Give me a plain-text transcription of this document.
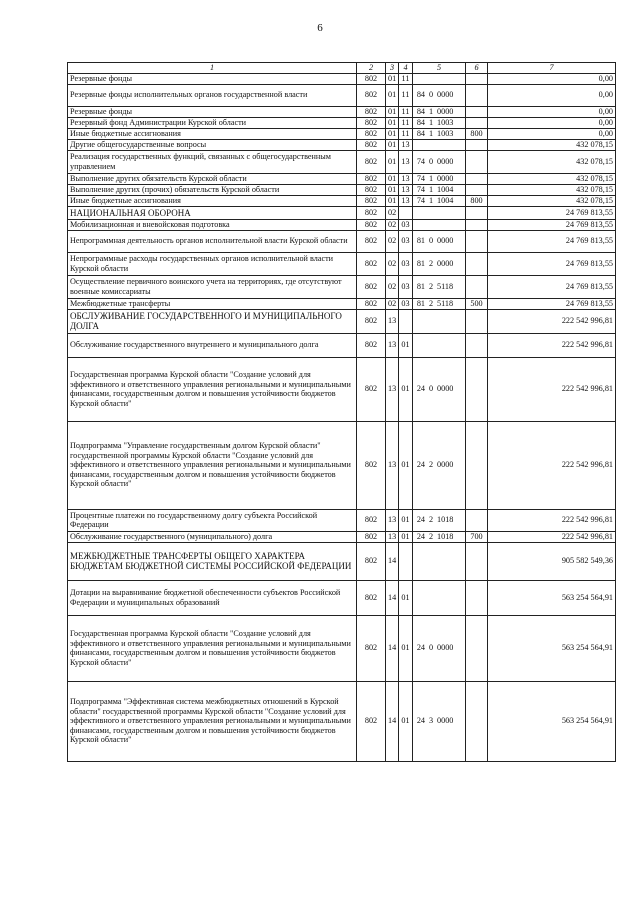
6
1	2	3	4	5	6	7
Резервные фонды	802	01	11			0,00
Резервные фонды исполнительных органов государственной власти	802	01	11	84 0 0000		0,00
Резервные фонды	802	01	11	84 1 0000		0,00
Резервный фонд Администрации Курской области	802	01	11	84 1 1003		0,00
Иные бюджетные ассигнования	802	01	11	84 1 1003	800	0,00
Другие общегосударственные вопросы	802	01	13			432 078,15
Реализация государственных функций, связанных с общегосударственным управлением	802	01	13	74 0 0000		432 078,15
Выполнение других обязательств Курской области	802	01	13	74 1 0000		432 078,15
Выполнение других (прочих) обязательств Курской области	802	01	13	74 1 1004		432 078,15
Иные бюджетные ассигнования	802	01	13	74 1 1004	800	432 078,15
НАЦИОНАЛЬНАЯ ОБОРОНА	802	02				24 769 813,55
Мобилизационная и вневойсковая подготовка	802	02	03			24 769 813,55
Непрограммная деятельность органов исполнительной власти Курской области	802	02	03	81 0 0000		24 769 813,55
Непрограммные расходы государственных органов исполнительной власти Курской области	802	02	03	81 2 0000		24 769 813,55
Осуществление первичного воинского учета на территориях, где отсутствуют военные комиссариаты	802	02	03	81 2 5118		24 769 813,55
Межбюджетные трансферты	802	02	03	81 2 5118	500	24 769 813,55
ОБСЛУЖИВАНИЕ ГОСУДАРСТВЕННОГО И МУНИЦИПАЛЬНОГО ДОЛГА	802	13				222 542 996,81
Обслуживание государственного внутреннего и муниципального долга	802	13	01			222 542 996,81
Государственная программа Курской области "Создание условий для эффективного и ответственного управления региональными и муниципальными финансами, государственным долгом и повышения устойчивости бюджетов Курской области"	802	13	01	24 0 0000		222 542 996,81
Подпрограмма "Управление государственным долгом Курской области" государственной программы Курской области "Создание условий для эффективного и ответственного управления региональными и муниципальными финансами, государственным долгом и повышения устойчивости бюджетов Курской области"	802	13	01	24 2 0000		222 542 996,81
Процентные платежи по государственному долгу субъекта Российской Федерации	802	13	01	24 2 1018		222 542 996,81
Обслуживание государственного (муниципального) долга	802	13	01	24 2 1018	700	222 542 996,81
МЕЖБЮДЖЕТНЫЕ ТРАНСФЕРТЫ ОБЩЕГО ХАРАКТЕРА БЮДЖЕТАМ БЮДЖЕТНОЙ СИСТЕМЫ РОССИЙСКОЙ ФЕДЕРАЦИИ	802	14				905 582 549,36
Дотации на выравнивание бюджетной обеспеченности субъектов Российской Федерации и муниципальных образований	802	14	01			563 254 564,91
Государственная программа Курской области "Создание условий для эффективного и ответственного управления региональными и муниципальными финансами, государственным долгом и повышения устойчивости бюджетов Курской области"	802	14	01	24 0 0000		563 254 564,91
Подпрограмма "Эффективная система межбюджетных отношений в Курской области" государственной программы Курской области "Создание условий для эффективного и ответственного управления региональными и муниципальными финансами, государственным долгом и повышения устойчивости бюджетов Курской области"	802	14	01	24 3 0000		563 254 564,91
